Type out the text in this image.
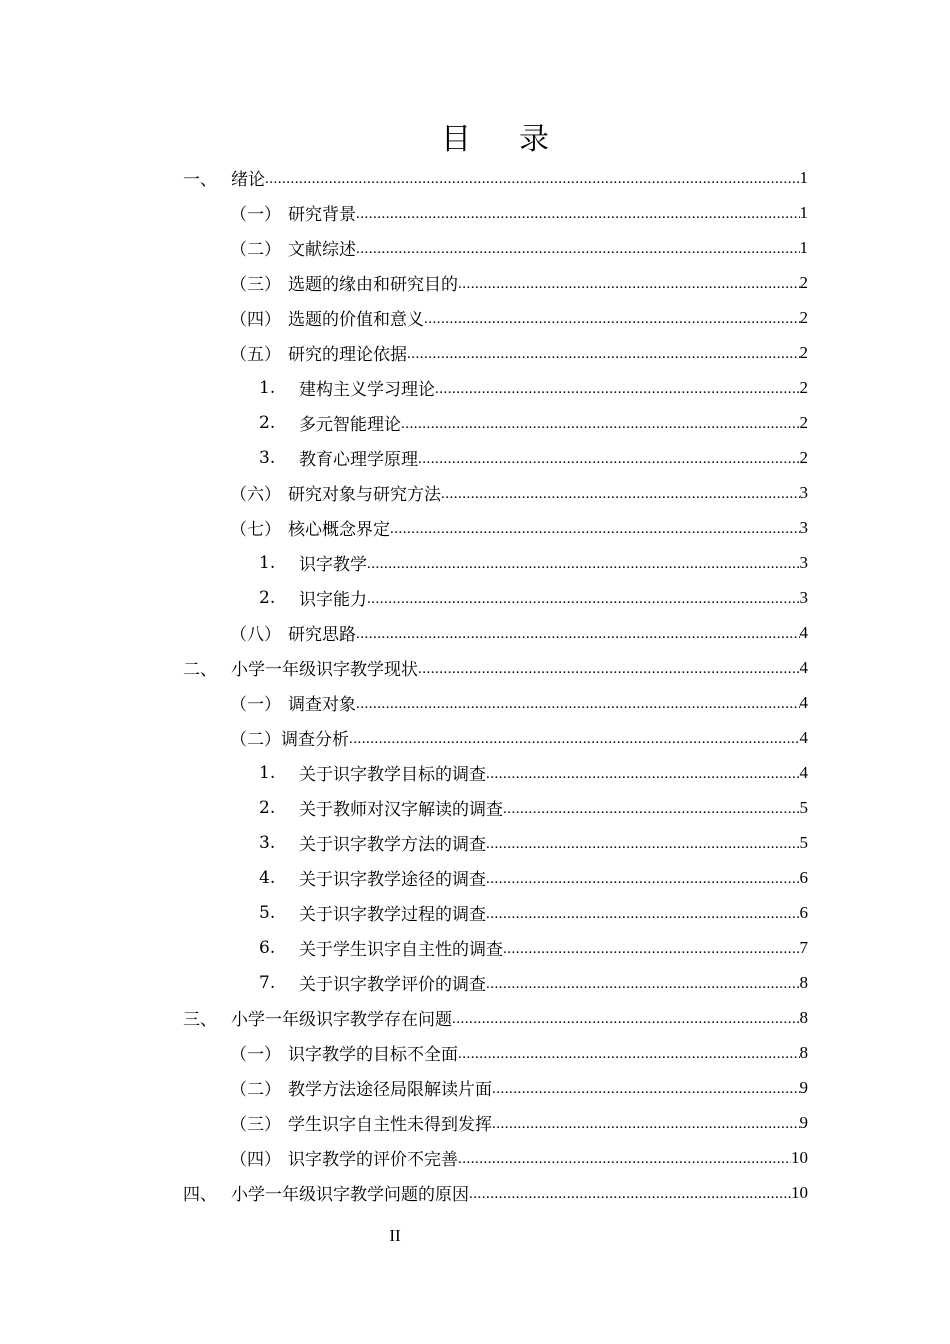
目 录
一、 绪论 .....	1
（一） 研究背景 .....	1
（二） 文献综述 .....	1
（三） 选题的缘由和研究目的 .....	2
（四） 选题的价值和意义 .....	2
（五） 研究的理论依据 .....	2
1.	建构主义学习理论 .....	2
2.	多元智能理论 .....	2
3.	教育心理学原理 .....	2
（六） 研究对象与研究方法 .....	3
（七） 核心概念界定 .....	3
1.	识字教学 .....	3
2.	识字能力 .....	3
（八） 研究思路 .....	4
二、 小学一年级识字教学现状 .....	4
（一） 调查对象 .....	4
（二） 调查分析 .....	4
1.	关于识字教学目标的调查 .....	4
2.	关于教师对汉字解读的调查 .....	5
3.	关于识字教学方法的调查 .....	5
4.	关于识字教学途径的调查 .....	6
5.	关于识字教学过程的调查 .....	6
6.	关于学生识字自主性的调查 .....	7
7.	关于识字教学评价的调查 .....	8
三、 小学一年级识字教学存在问题 .....	8
（一） 识字教学的目标不全面 .....	8
（二） 教学方法途径局限解读片面 .....	9
（三） 学生识字自主性未得到发挥 .....	9
（四） 识字教学的评价不完善 .....	10
四、 小学一年级识字教学问题的原因 .....	10
II
